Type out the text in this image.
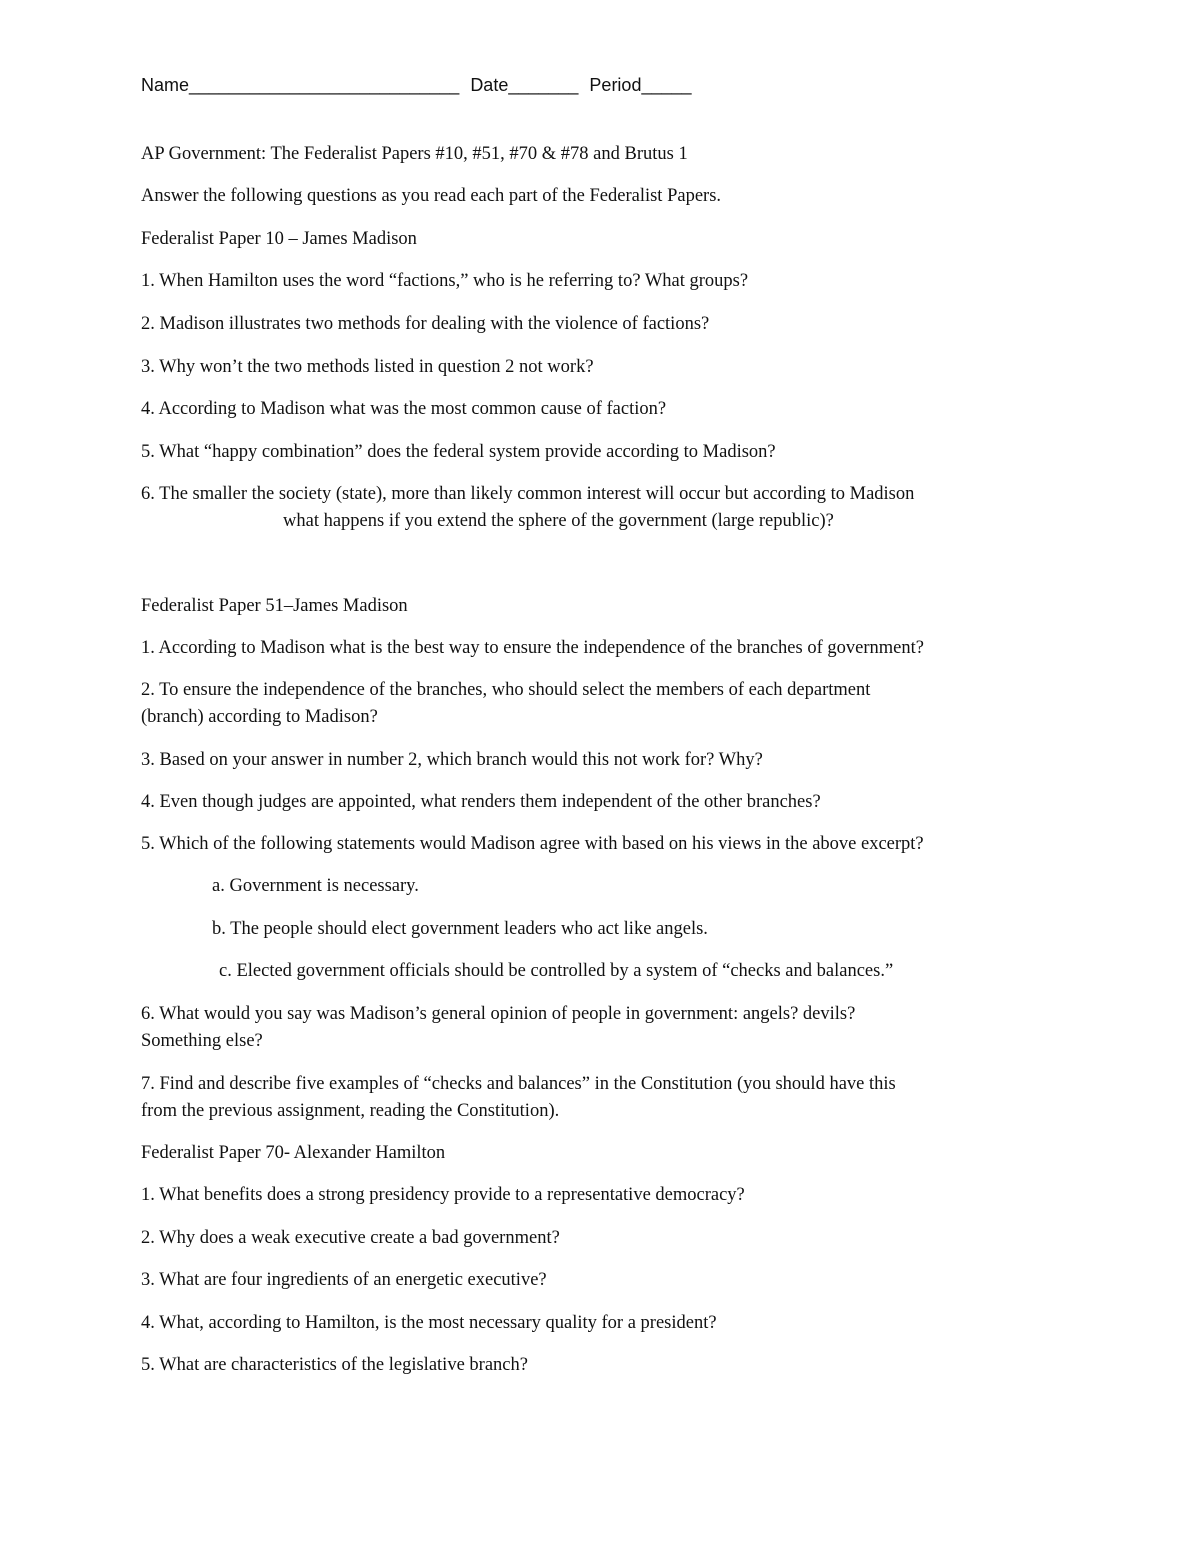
Name___________________________ Date_______ Period_____
AP Government: The Federalist Papers #10, #51, #70 & #78 and Brutus 1
Answer the following questions as you read each part of the Federalist Papers.
Federalist Paper 10 – James Madison
1. When Hamilton uses the word “factions,” who is he referring to? What groups?
2. Madison illustrates two methods for dealing with the violence of factions?
3. Why won’t the two methods listed in question 2 not work?
4. According to Madison what was the most common cause of faction?
5. What “happy combination” does the federal system provide according to Madison?
6. The smaller the society (state), more than likely common interest will occur but according to Madison
what happens if you extend the sphere of the government (large republic)?
Federalist Paper 51–James Madison
1. According to Madison what is the best way to ensure the independence of the branches of government?
2. To ensure the independence of the branches, who should select the members of each department
(branch) according to Madison?
3. Based on your answer in number 2, which branch would this not work for? Why?
4. Even though judges are appointed, what renders them independent of the other branches?
5. Which of the following statements would Madison agree with based on his views in the above excerpt?
a. Government is necessary.
b. The people should elect government leaders who act like angels.
c. Elected government officials should be controlled by a system of “checks and balances.”
6. What would you say was Madison’s general opinion of people in government: angels? devils?
Something else?
7. Find and describe five examples of “checks and balances” in the Constitution (you should have this
from the previous assignment, reading the Constitution).
Federalist Paper 70- Alexander Hamilton
1. What benefits does a strong presidency provide to a representative democracy?
2. Why does a weak executive create a bad government?
3. What are four ingredients of an energetic executive?
4. What, according to Hamilton, is the most necessary quality for a president?
5. What are characteristics of the legislative branch?
